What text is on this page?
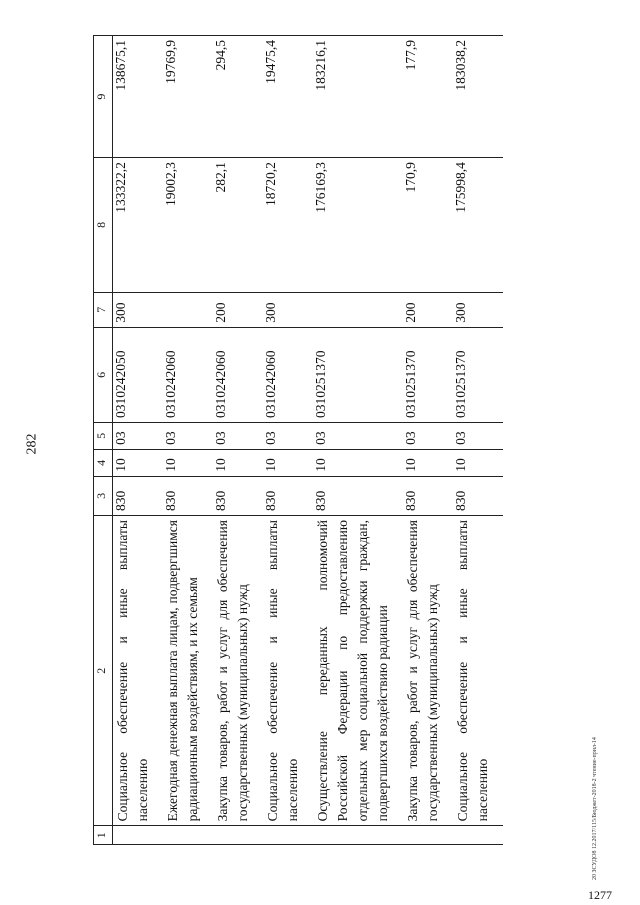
282
20 ЗСУДО8 12.2017/115/Бюджет-2018-2 чтение-прил-14
1277
1	2	3	4	5	6	7	8	9
	Социальное обеспечение и иные выплаты населению	830	10	03	0310242050	300	133322,2	138675,1
	Ежегодная денежная выплата лицам, подвергшимся радиационным воздействиям, и их семьям	830	10	03	0310242060		19002,3	19769,9
	Закупка товаров, работ и услуг для обеспечения государственных (муниципальных) нужд	830	10	03	0310242060	200	282,1	294,5
	Социальное обеспечение и иные выплаты населению	830	10	03	0310242060	300	18720,2	19475,4
	Осуществление переданных полномочий Российской Федерации по предоставлению отдельных мер социальной поддержки граждан, подвергшихся воздействию радиации	830	10	03	0310251370		176169,3	183216,1
	Закупка товаров, работ и услуг для обеспечения государственных (муниципальных) нужд	830	10	03	0310251370	200	170,9	177,9
	Социальное обеспечение и иные выплаты населению	830	10	03	0310251370	300	175998,4	183038,2
